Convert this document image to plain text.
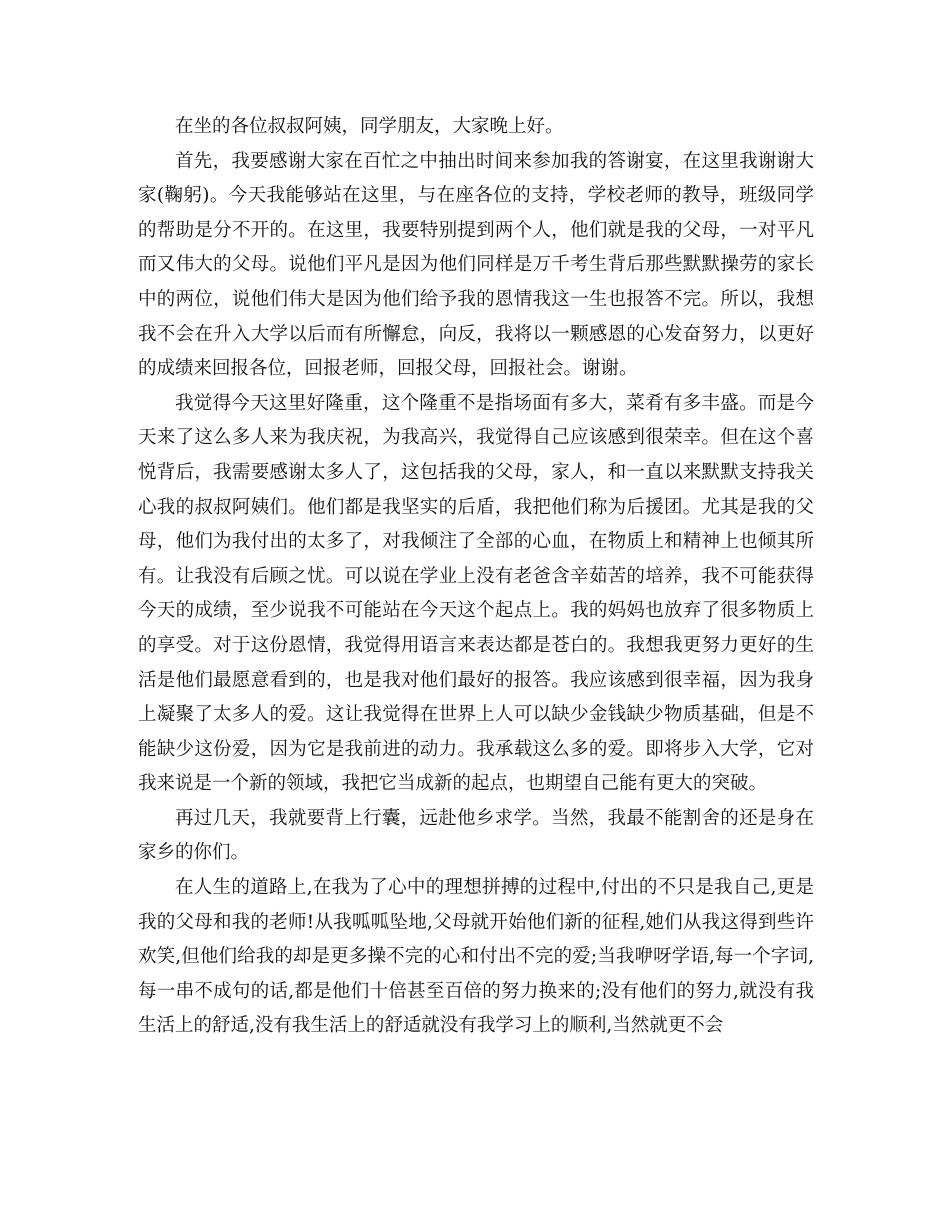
在坐的各位叔叔阿姨，同学朋友，大家晚上好。

首先，我要感谢大家在百忙之中抽出时间来参加我的答谢宴，在这里我谢谢大家(鞠躬)。今天我能够站在这里，与在座各位的支持，学校老师的教导，班级同学的帮助是分不开的。在这里，我要特别提到两个人，他们就是我的父母，一对平凡而又伟大的父母。说他们平凡是因为他们同样是万千考生背后那些默默操劳的家长中的两位，说他们伟大是因为他们给予我的恩情我这一生也报答不完。所以，我想我不会在升入大学以后而有所懈怠，向反，我将以一颗感恩的心发奋努力，以更好的成绩来回报各位，回报老师，回报父母，回报社会。谢谢。

我觉得今天这里好隆重，这个隆重不是指场面有多大，菜肴有多丰盛。而是今天来了这么多人来为我庆祝，为我高兴，我觉得自己应该感到很荣幸。但在这个喜悦背后，我需要感谢太多人了，这包括我的父母，家人，和一直以来默默支持我关心我的叔叔阿姨们。他们都是我坚实的后盾，我把他们称为后援团。尤其是我的父母，他们为我付出的太多了，对我倾注了全部的心血，在物质上和精神上也倾其所有。让我没有后顾之忧。可以说在学业上没有老爸含辛茹苦的培养，我不可能获得今天的成绩，至少说我不可能站在今天这个起点上。我的妈妈也放弃了很多物质上的享受。对于这份恩情，我觉得用语言来表达都是苍白的。我想我更努力更好的生活是他们最愿意看到的，也是我对他们最好的报答。我应该感到很幸福，因为我身上凝聚了太多人的爱。这让我觉得在世界上人可以缺少金钱缺少物质基础，但是不能缺少这份爱，因为它是我前进的动力。我承载这么多的爱。即将步入大学，它对我来说是一个新的领域，我把它当成新的起点，也期望自己能有更大的突破。

再过几天，我就要背上行囊，远赴他乡求学。当然，我最不能割舍的还是身在家乡的你们。

在人生的道路上,在我为了心中的理想拼搏的过程中,付出的不只是我自己,更是我的父母和我的老师!从我呱呱坠地,父母就开始他们新的征程,她们从我这得到些许欢笑,但他们给我的却是更多操不完的心和付出不完的爱;当我咿呀学语,每一个字词,每一串不成句的话,都是他们十倍甚至百倍的努力换来的;没有他们的努力,就没有我生活上的舒适,没有我生活上的舒适就没有我学习上的顺利,当然就更不会
